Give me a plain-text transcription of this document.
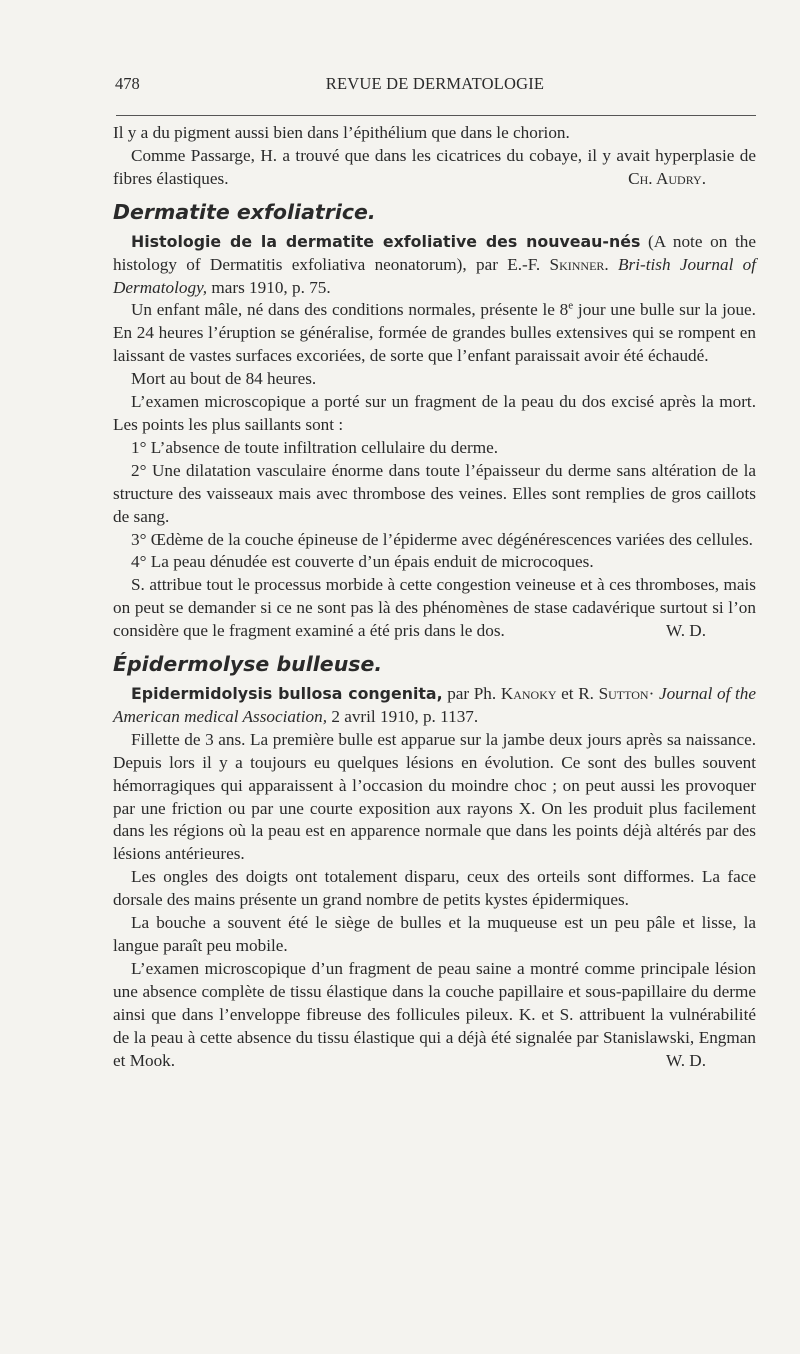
478	REVUE DE DERMATOLOGIE

Il y a du pigment aussi bien dans l’épithélium que dans le chorion.

Comme Passarge, H. a trouvé que dans les cicatrices du cobaye, il y avait hyperplasie de fibres élastiques.	Ch. Audry.

Dermatite exfoliatrice.

Histologie de la dermatite exfoliative des nouveau-nés (A note on the histology of Dermatitis exfoliativa neonatorum), par E.-F. Skinner. Bri-tish Journal of Dermatology, mars 1910, p. 75.

Un enfant mâle, né dans des conditions normales, présente le 8e jour une bulle sur la joue. En 24 heures l’éruption se généralise, formée de grandes bulles extensives qui se rompent en laissant de vastes surfaces excoriées, de sorte que l’enfant paraissait avoir été échaudé.

Mort au bout de 84 heures.

L’examen microscopique a porté sur un fragment de la peau du dos excisé après la mort. Les points les plus saillants sont :

1° L’absence de toute infiltration cellulaire du derme.

2° Une dilatation vasculaire énorme dans toute l’épaisseur du derme sans altération de la structure des vaisseaux mais avec thrombose des veines. Elles sont remplies de gros caillots de sang.

3° Œdème de la couche épineuse de l’épiderme avec dégénérescences variées des cellules.

4° La peau dénudée est couverte d’un épais enduit de microcoques.

S. attribue tout le processus morbide à cette congestion veineuse et à ces thromboses, mais on peut se demander si ce ne sont pas là des phénomènes de stase cadavérique surtout si l’on considère que le fragment examiné a été pris dans le dos.	W. D.

Épidermolyse bulleuse.

Epidermidolysis bullosa congenita, par Ph. Kanoky et R. Sutton· Journal of the American medical Association, 2 avril 1910, p. 1137.

Fillette de 3 ans. La première bulle est apparue sur la jambe deux jours après sa naissance. Depuis lors il y a toujours eu quelques lésions en évolution. Ce sont des bulles souvent hémorragiques qui apparaissent à l’occasion du moindre choc ; on peut aussi les provoquer par une friction ou par une courte exposition aux rayons X. On les produit plus facilement dans les régions où la peau est en apparence normale que dans les points déjà altérés par des lésions antérieures.

Les ongles des doigts ont totalement disparu, ceux des orteils sont difformes. La face dorsale des mains présente un grand nombre de petits kystes épidermiques.

La bouche a souvent été le siège de bulles et la muqueuse est un peu pâle et lisse, la langue paraît peu mobile.

L’examen microscopique d’un fragment de peau saine a montré comme principale lésion une absence complète de tissu élastique dans la couche papillaire et sous-papillaire du derme ainsi que dans l’enveloppe fibreuse des follicules pileux. K. et S. attribuent la vulnérabilité de la peau à cette absence du tissu élastique qui a déjà été signalée par Stanislawski, Engman et Mook.	W. D.
